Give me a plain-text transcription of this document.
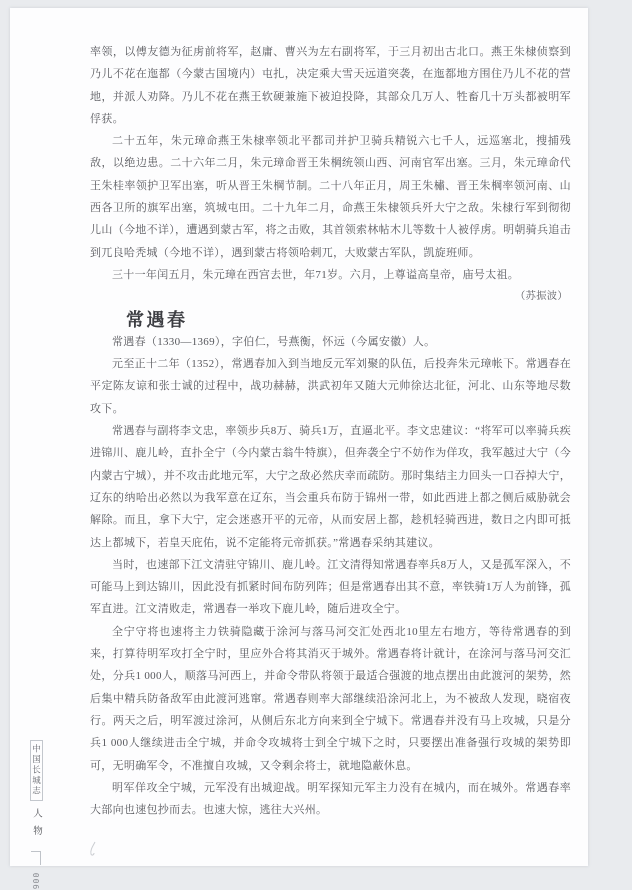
率领，以傅友德为征虏前将军，赵庸、曹兴为左右副将军，于三月初出古北口。燕王朱棣侦察到乃儿不花在迤都（今蒙古国境内）屯扎，决定乘大雪天远道突袭，在迤都地方围住乃儿不花的营地，并派人劝降。乃儿不花在燕王软硬兼施下被迫投降，其部众几万人、牲畜几十万头都被明军俘获。

二十五年，朱元璋命燕王朱棣率领北平都司并护卫骑兵精锐六七千人，远巡塞北，搜捕残敌，以绝边患。二十六年二月，朱元璋命晋王朱棡统领山西、河南官军出塞。三月，朱元璋命代王朱桂率领护卫军出塞，听从晋王朱棡节制。二十八年正月，周王朱橚、晋王朱棡率领河南、山西各卫所的旗军出塞，筑城屯田。二十九年二月，命燕王朱棣领兵歼大宁之敌。朱棣行军到彻彻儿山（今地不详），遭遇到蒙古军，将之击败，其首领索林帖木儿等数十人被俘虏。明朝骑兵追击到兀良哈秃城（今地不详），遇到蒙古将领哈剌兀，大败蒙古军队，凯旋班师。

三十一年闰五月，朱元璋在西宫去世，年71岁。六月，上尊谥高皇帝，庙号太祖。

（苏振波）

常遇春

常遇春（1330—1369），字伯仁，号燕衡，怀远（今属安徽）人。

元至正十二年（1352），常遇春加入到当地反元军刘聚的队伍，后投奔朱元璋帐下。常遇春在平定陈友谅和张士诚的过程中，战功赫赫，洪武初年又随大元帅徐达北征，河北、山东等地尽数攻下。

常遇春与副将李文忠，率领步兵8万、骑兵1万，直逼北平。李文忠建议：“将军可以率骑兵疾进锦川、鹿儿岭，直扑全宁（今内蒙古翁牛特旗），但奔袭全宁不妨作为佯攻，我军越过大宁（今内蒙古宁城），并不攻击此地元军，大宁之敌必然庆幸而疏防。那时集结主力回头一口吞掉大宁，辽东的纳哈出必然以为我军意在辽东，当会重兵布防于锦州一带，如此西进上都之侧后威胁就会解除。而且，拿下大宁，定会迷惑开平的元帝，从而安居上都，趁机轻骑西进，数日之内即可抵达上都城下，若皇天庇佑，说不定能将元帝抓获。”常遇春采纳其建议。

当时，也速部下江文清驻守锦川、鹿儿岭。江文清得知常遇春率兵8万人，又是孤军深入，不可能马上到达锦川，因此没有抓紧时间布防列阵；但是常遇春出其不意，率铁骑1万人为前锋，孤军直进。江文清败走，常遇春一举攻下鹿儿岭，随后进攻全宁。

全宁守将也速将主力铁骑隐藏于涂河与落马河交汇处西北10里左右地方，等待常遇春的到来，打算待明军攻打全宁时，里应外合将其消灭于城外。常遇春将计就计，在涂河与落马河交汇处，分兵1 000人，顺落马河西上，并命令带队将领于最适合强渡的地点摆出由此渡河的架势，然后集中精兵防备敌军由此渡河逃窜。常遇春则率大部继续沿涂河北上，为不被敌人发现，晓宿夜行。两天之后，明军渡过涂河，从侧后东北方向来到全宁城下。常遇春并没有马上攻城，只是分兵1 000人继续进击全宁城，并命令攻城将士到全宁城下之时，只要摆出准备强行攻城的架势即可，无明确军令，不准擅自攻城，又令剩余将士，就地隐蔽休息。

明军佯攻全宁城，元军没有出城迎战。明军探知元军主力没有在城内，而在城外。常遇春率大部向也速包抄而去。也速大惊，逃往大兴州。

中国长城志
人物
006
